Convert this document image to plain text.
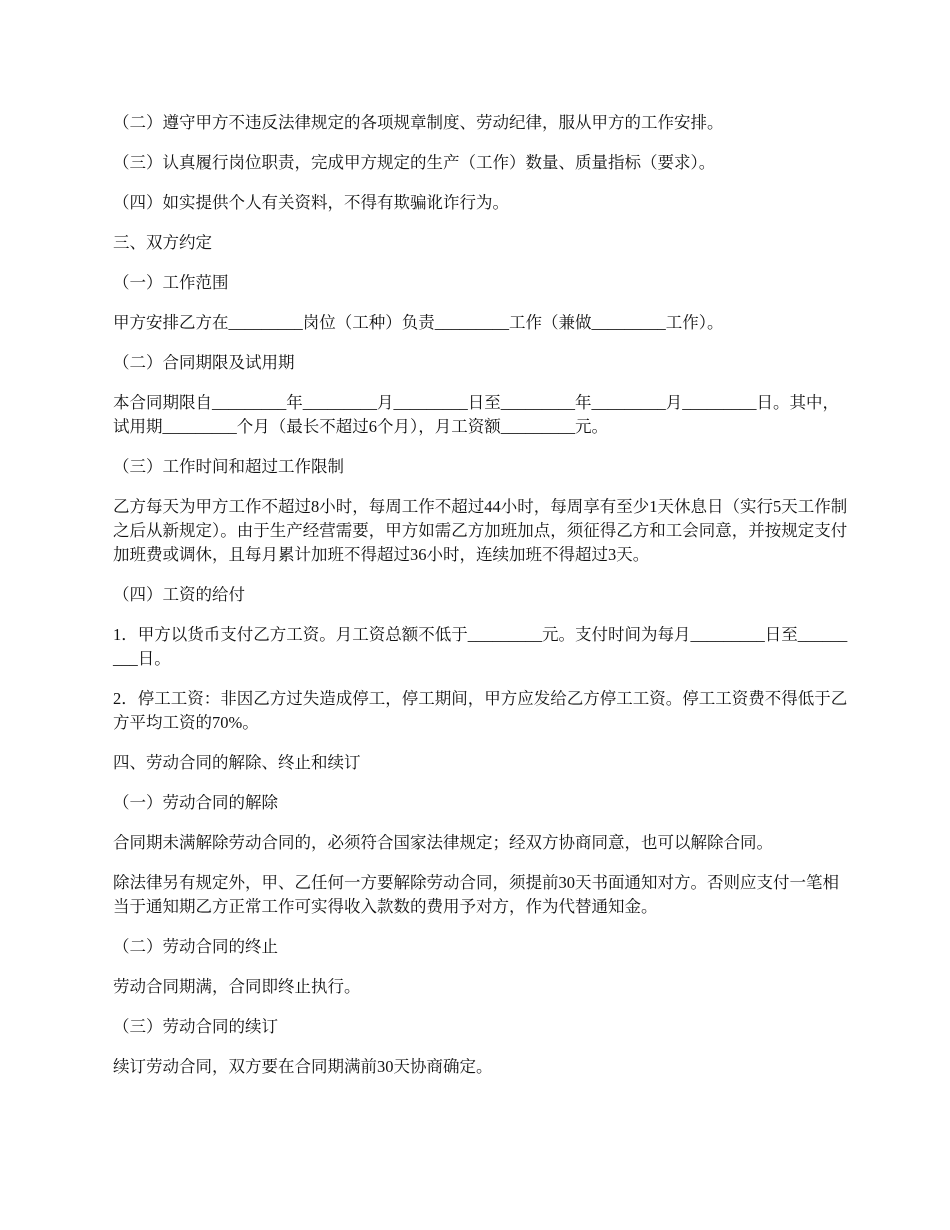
（二）遵守甲方不违反法律规定的各项规章制度、劳动纪律，服从甲方的工作安排。

（三）认真履行岗位职责，完成甲方规定的生产（工作）数量、质量指标（要求）。

（四）如实提供个人有关资料，不得有欺骗讹诈行为。

三、双方约定

（一）工作范围

甲方安排乙方在_________岗位（工种）负责_________工作（兼做_________工作）。

（二）合同期限及试用期

本合同期限自_________年_________月_________日至_________年_________月_________日。其中，试用期_________个月（最长不超过6个月），月工资额_________元。

（三）工作时间和超过工作限制

乙方每天为甲方工作不超过8小时，每周工作不超过44小时，每周享有至少1天休息日（实行5天工作制之后从新规定）。由于生产经营需要，甲方如需乙方加班加点，须征得乙方和工会同意，并按规定支付加班费或调休，且每月累计加班不得超过36小时，连续加班不得超过3天。

（四）工资的给付

1．甲方以货币支付乙方工资。月工资总额不低于_________元。支付时间为每月_________日至_________日。

2．停工工资：非因乙方过失造成停工，停工期间，甲方应发给乙方停工工资。停工工资费不得低于乙方平均工资的70%。

四、劳动合同的解除、终止和续订

（一）劳动合同的解除

合同期未满解除劳动合同的，必须符合国家法律规定；经双方协商同意，也可以解除合同。

除法律另有规定外，甲、乙任何一方要解除劳动合同，须提前30天书面通知对方。否则应支付一笔相当于通知期乙方正常工作可实得收入款数的费用予对方，作为代替通知金。

（二）劳动合同的终止

劳动合同期满，合同即终止执行。

（三）劳动合同的续订

续订劳动合同，双方要在合同期满前30天协商确定。
